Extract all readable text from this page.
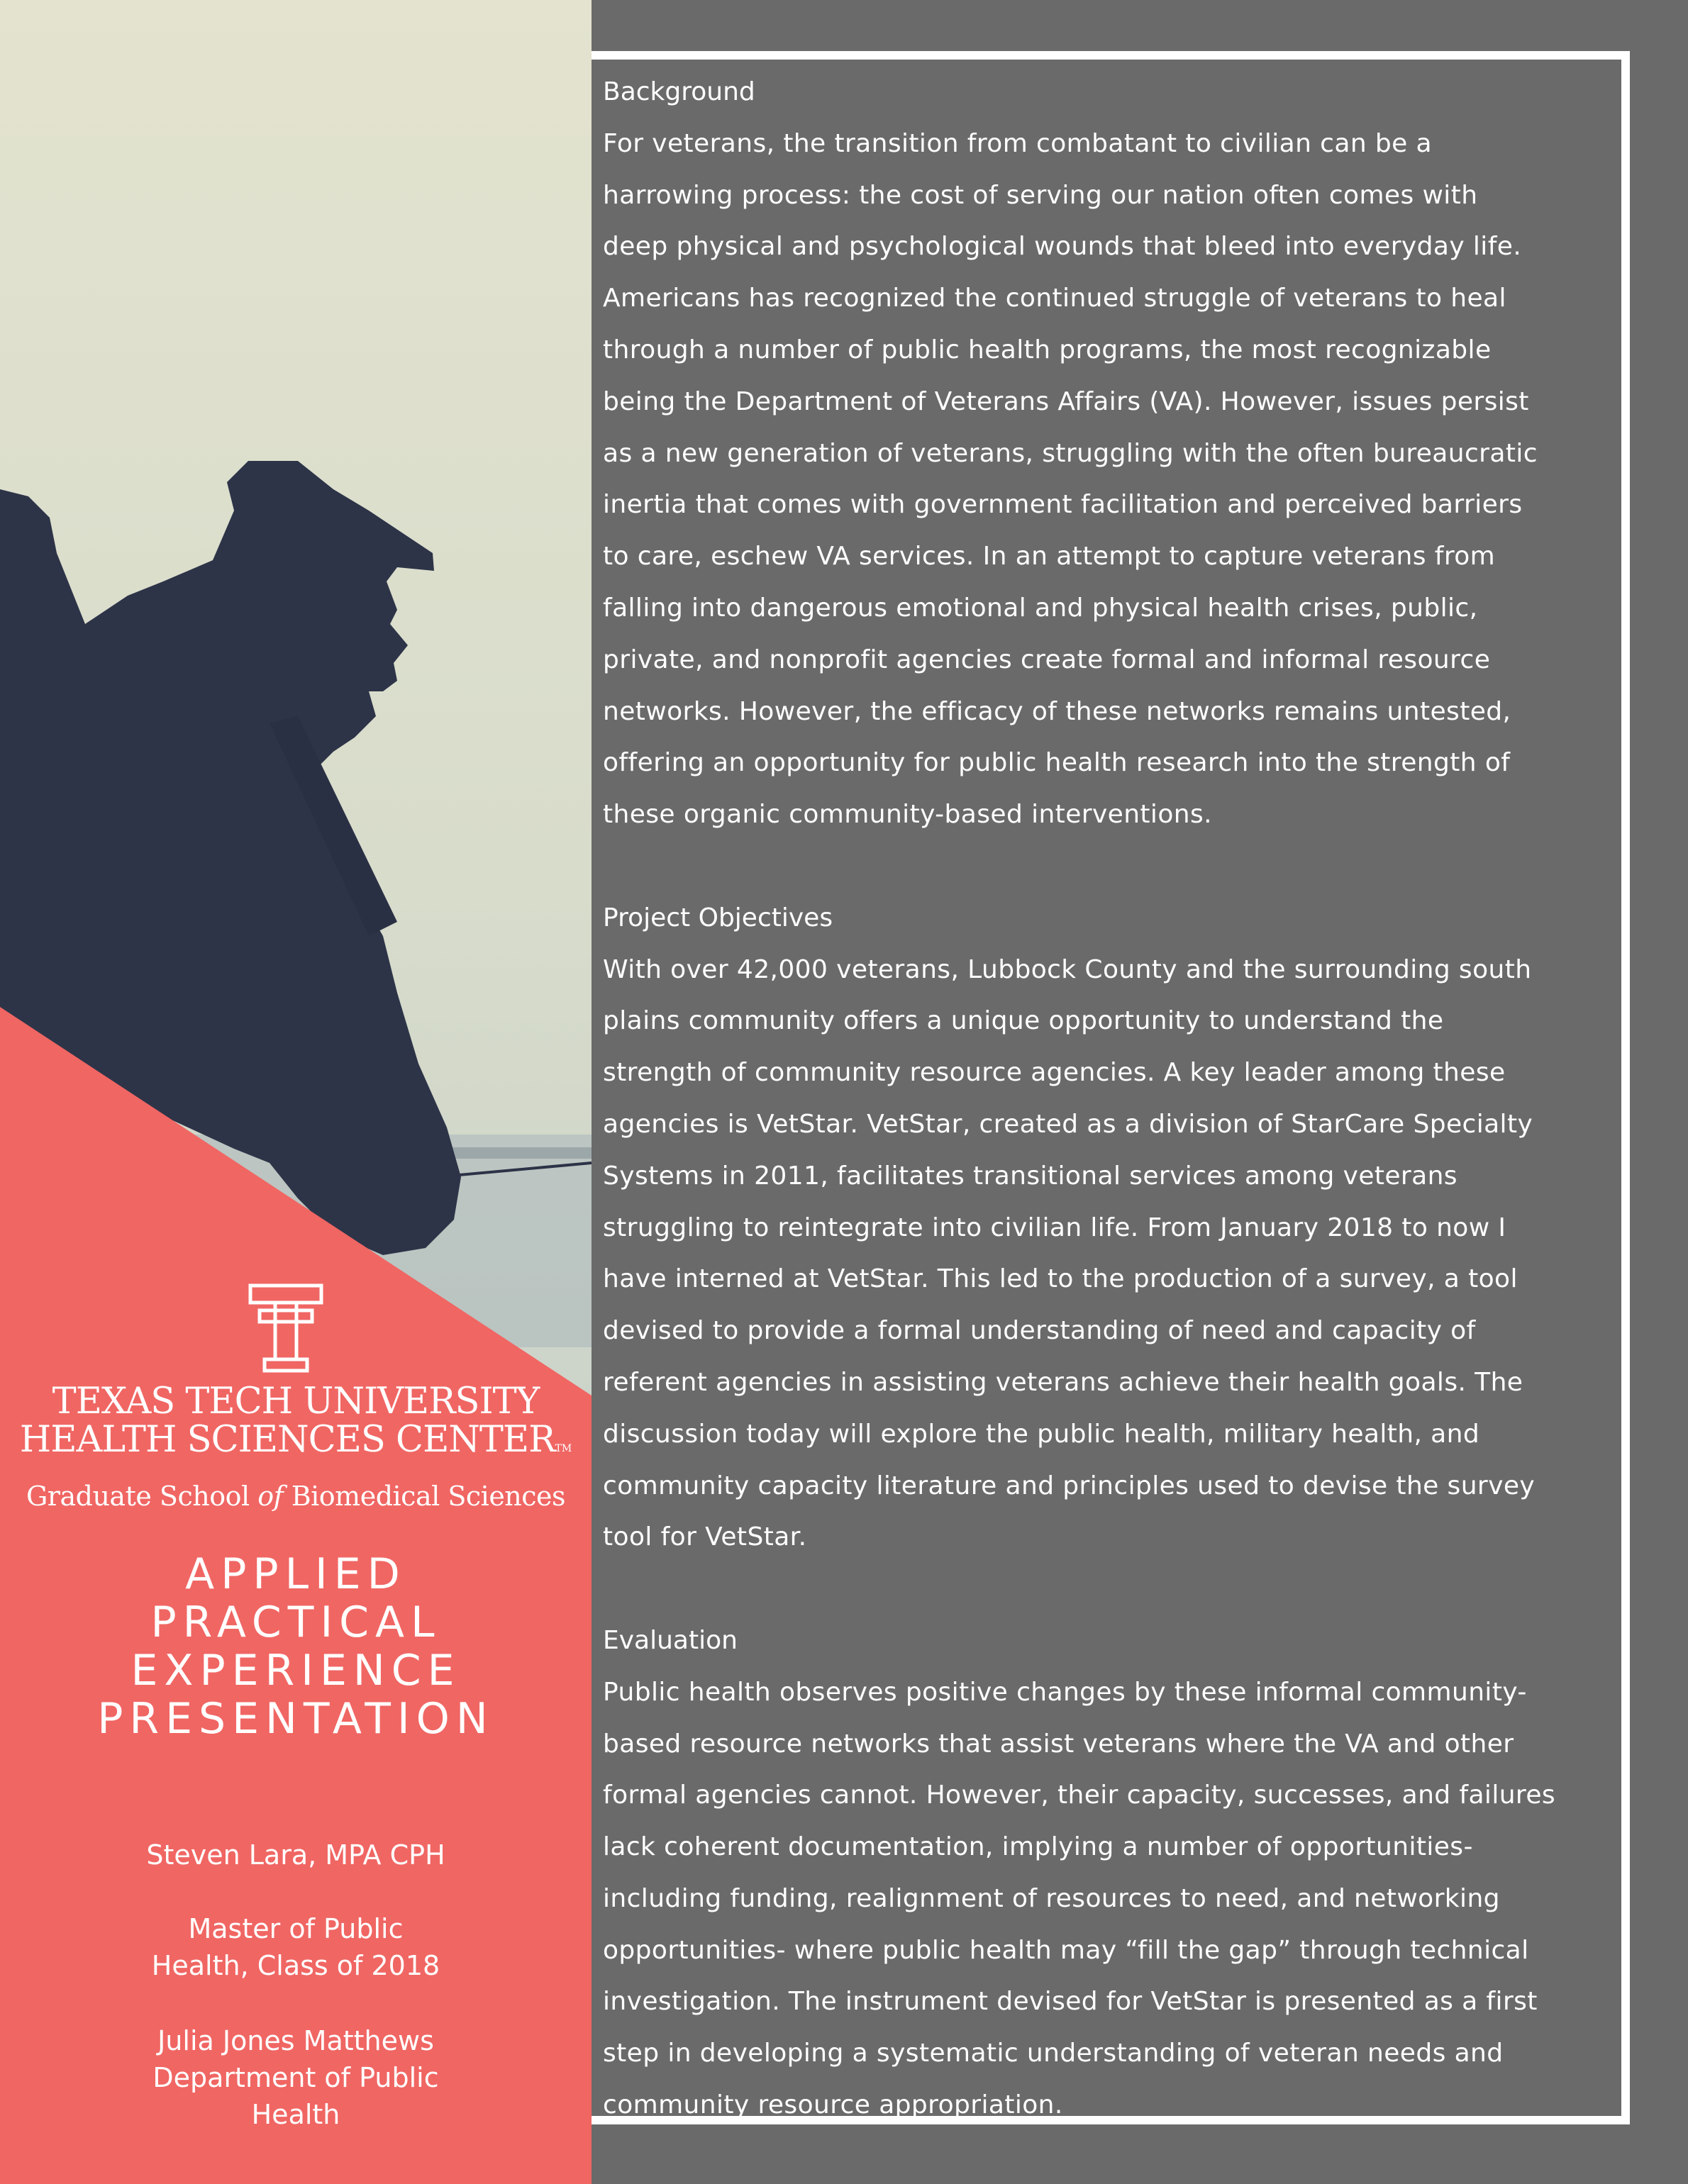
TEXAS TECH UNIVERSITY
HEALTH SCIENCES CENTERTM
Graduate School of Biomedical Sciences
APPLIED
PRACTICAL
EXPERIENCE
PRESENTATION
Steven Lara, MPA CPH
Master of Public
Health, Class of 2018
Julia Jones Matthews
Department of Public
Health
Background
For veterans, the transition from combatant to civilian can be a
harrowing process: the cost of serving our nation often comes with
deep physical and psychological wounds that bleed into everyday life.
Americans has recognized the continued struggle of veterans to heal
through a number of public health programs, the most recognizable
being the Department of Veterans Affairs (VA). However, issues persist
as a new generation of veterans, struggling with the often bureaucratic
inertia that comes with government facilitation and perceived barriers
to care, eschew VA services. In an attempt to capture veterans from
falling into dangerous emotional and physical health crises, public,
private, and nonprofit agencies create formal and informal resource
networks. However, the efficacy of these networks remains untested,
offering an opportunity for public health research into the strength of
these organic community-based interventions.
Project Objectives
With over 42,000 veterans, Lubbock County and the surrounding south
plains community offers a unique opportunity to understand the
strength of community resource agencies. A key leader among these
agencies is VetStar. VetStar, created as a division of StarCare Specialty
Systems in 2011, facilitates transitional services among veterans
struggling to reintegrate into civilian life. From January 2018 to now I
have interned at VetStar. This led to the production of a survey, a tool
devised to provide a formal understanding of need and capacity of
referent agencies in assisting veterans achieve their health goals. The
discussion today will explore the public health, military health, and
community capacity literature and principles used to devise the survey
tool for VetStar.
Evaluation
Public health observes positive changes by these informal community-
based resource networks that assist veterans where the VA and other
formal agencies cannot. However, their capacity, successes, and failures
lack coherent documentation, implying a number of opportunities-
including funding, realignment of resources to need, and networking
opportunities- where public health may “fill the gap” through technical
investigation. The instrument devised for VetStar is presented as a first
step in developing a systematic understanding of veteran needs and
community resource appropriation.
